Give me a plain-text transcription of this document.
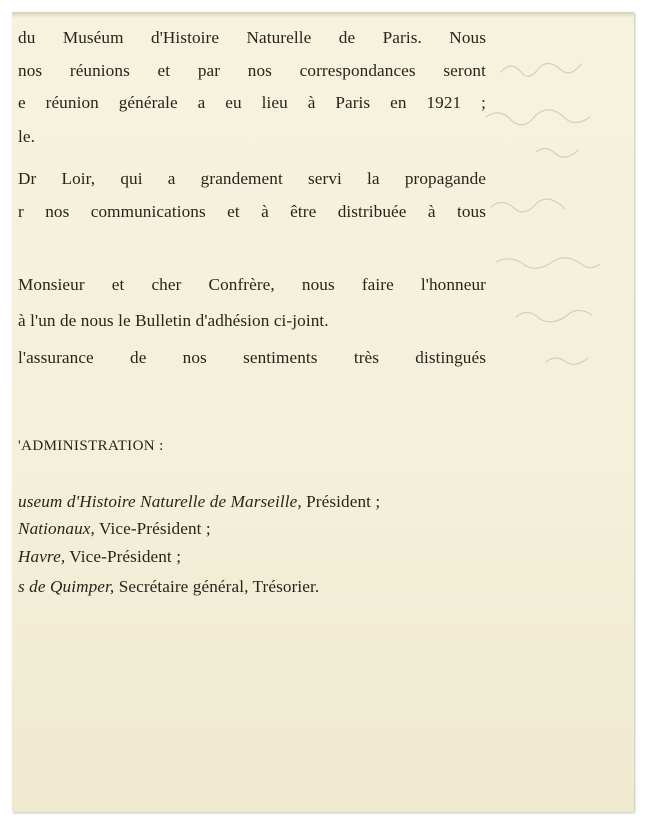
du Muséum d'Histoire Naturelle de Paris. Nous

nos réunions et par nos correspondances seront

e réunion générale a eu lieu à Paris en 1921 ;

le.

Dr Loir, qui a grandement servi la propagande

r nos communications et à être distribuée à tous

Monsieur et cher Confrère, nous faire l'honneur

à l'un de nous le Bulletin d'adhésion ci-joint.

l'assurance de nos sentiments très distingués

'ADMINISTRATION :

useum d'Histoire Naturelle de Marseille, Président ;

Nationaux, Vice-Président ;

Havre, Vice-Président ;

s de Quimper, Secrétaire général, Trésorier.
